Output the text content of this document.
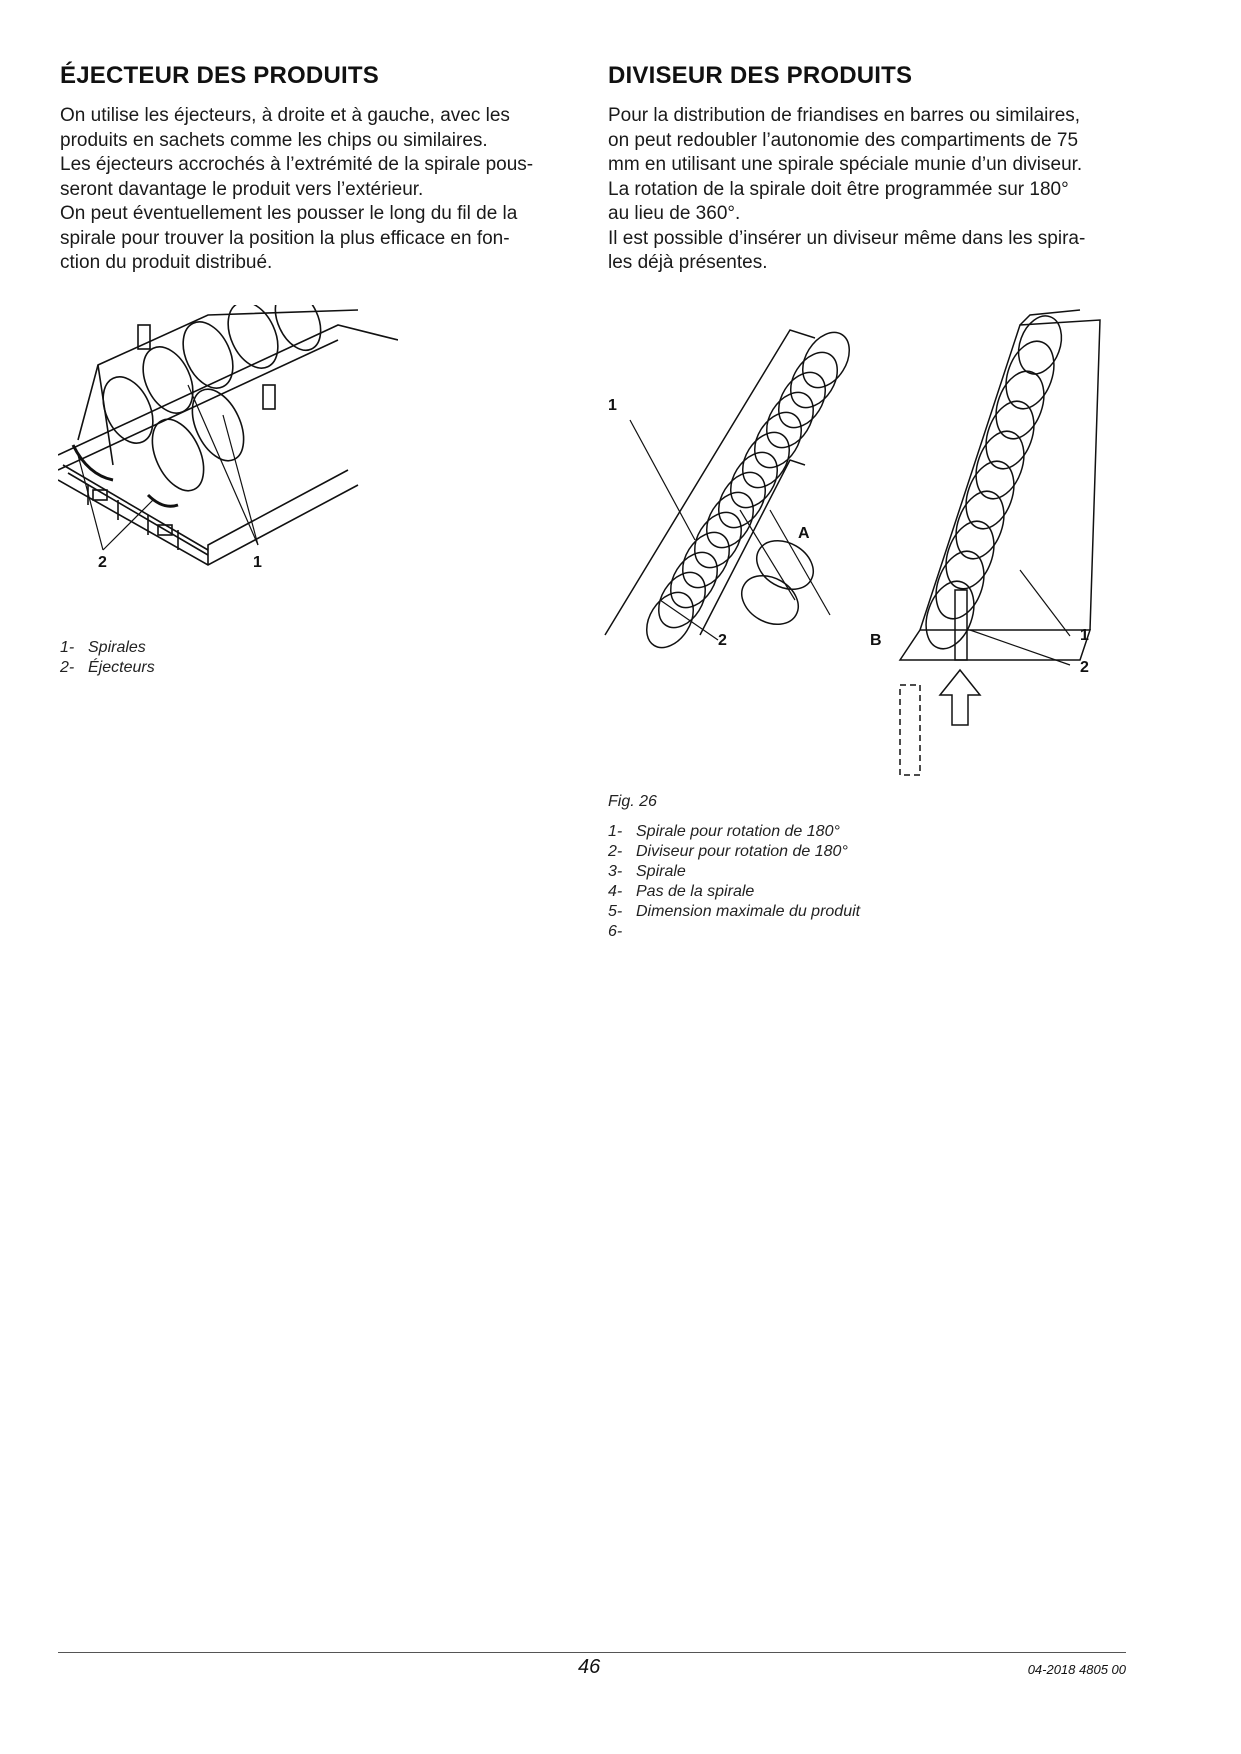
ÉJECTEUR DES PRODUITS

On utilise les éjecteurs, à droite et à gauche, avec les

produits en sachets comme les chips ou similaires.

Les éjecteurs accrochés à l’extrémité de la spirale pous-

seront davantage le produit vers l’extérieur.

On peut éventuellement les pousser le long du fil de la

spirale pour trouver la position la plus efficace en fon-

ction du produit distribué.

2	1
1- Spirales
2- Éjecteurs
DIVISEUR DES PRODUITS

Pour la distribution de friandises en barres ou similaires,

on peut redoubler l’autonomie des compartiments de 75

mm en utilisant une spirale spéciale munie d’un diviseur.

La rotation de la spirale doit être programmée sur 180°

au lieu de 360°.

Il est possible d’insérer un diviseur même dans les spira-

les déjà présentes.

A
B
1
2	1
2
Fig. 26
1- Spirale pour rotation de 180°
2- Diviseur pour rotation de 180°
3- Spirale
4- Pas de la spirale
5- Dimension maximale du produit
6-
46	04-2018 4805 00
